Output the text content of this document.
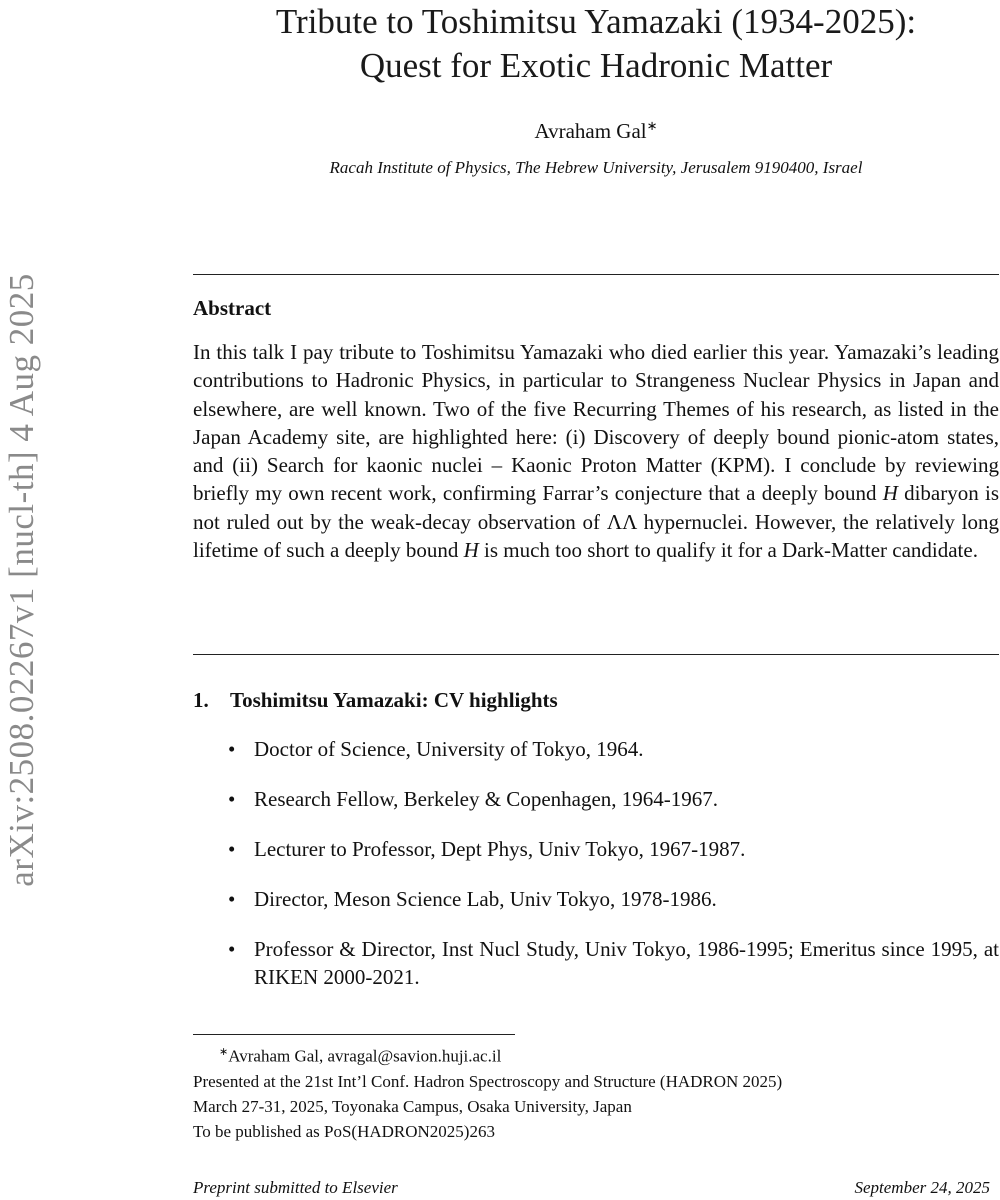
arXiv:2508.02267v1 [nucl-th] 4 Aug 2025
Tribute to Toshimitsu Yamazaki (1934-2025):
Quest for Exotic Hadronic Matter
Avraham Gal∗
Racah Institute of Physics, The Hebrew University, Jerusalem 9190400, Israel
Abstract

In this talk I pay tribute to Toshimitsu Yamazaki who died earlier this year. Yamazaki’s leading contributions to Hadronic Physics, in particular to Strangeness Nuclear Physics in Japan and elsewhere, are well known. Two of the five Recurring Themes of his research, as listed in the Japan Academy site, are highlighted here: (i) Discovery of deeply bound pionic-atom states, and (ii) Search for kaonic nuclei – Kaonic Proton Matter (KPM). I conclude by reviewing briefly my own recent work, confirming Farrar’s conjecture that a deeply bound H dibaryon is not ruled out by the weak-decay observation of ΛΛ hypernuclei. However, the relatively long lifetime of such a deeply bound H is much too short to qualify it for a Dark-Matter candidate.

1. Toshimitsu Yamazaki: CV highlights
• Doctor of Science, University of Tokyo, 1964.
• Research Fellow, Berkeley & Copenhagen, 1964-1967.
• Lecturer to Professor, Dept Phys, Univ Tokyo, 1967-1987.
• Director, Meson Science Lab, Univ Tokyo, 1978-1986.
• Professor & Director, Inst Nucl Study, Univ Tokyo, 1986-1995; Emeritus since 1995, at RIKEN 2000-2021.
∗Avraham Gal, avragal@savion.huji.ac.il
Presented at the 21st Int’l Conf. Hadron Spectroscopy and Structure (HADRON 2025)
March 27-31, 2025, Toyonaka Campus, Osaka University, Japan
To be published as PoS(HADRON2025)263
Preprint submitted to Elsevier	September 24, 2025
